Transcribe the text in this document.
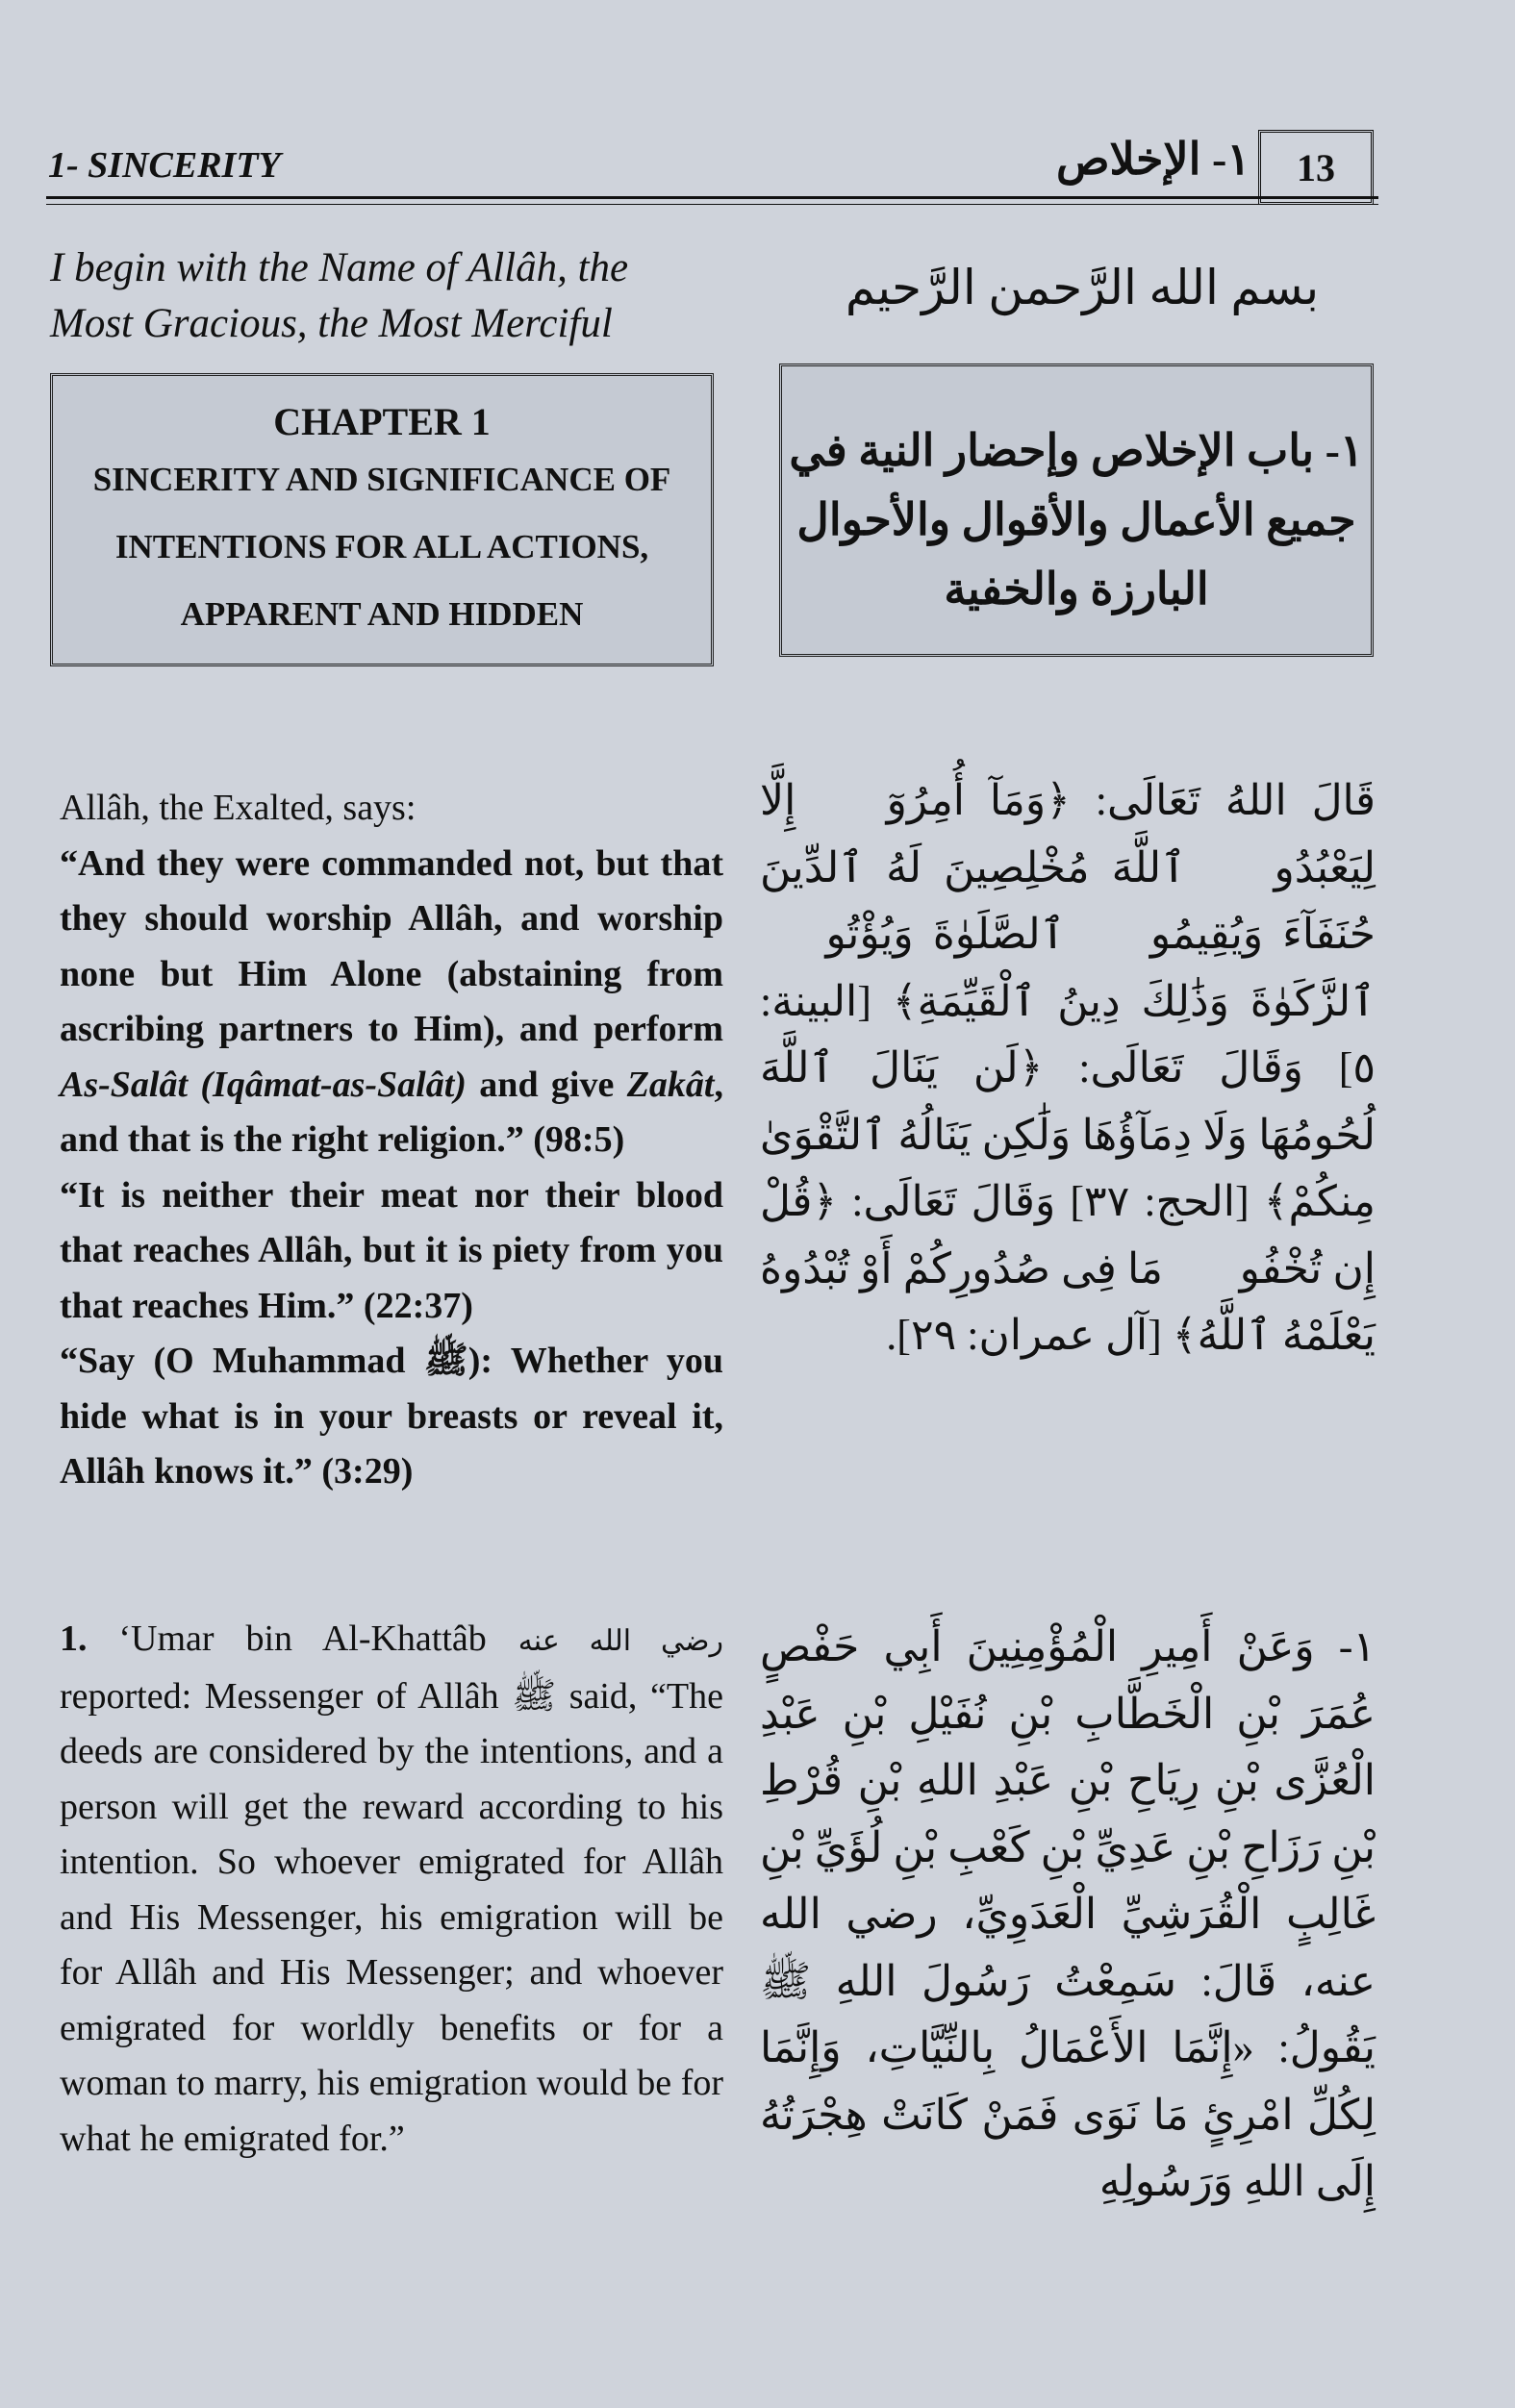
1- SINCERITY	١- الإخلاص	13
I begin with the Name of Allâh, the
Most Gracious, the Most Merciful
بسم الله الرَّحمن الرَّحيم
CHAPTER 1
SINCERITY AND SIGNIFICANCE OF
INTENTIONS FOR ALL ACTIONS,
APPARENT AND HIDDEN
١- باب الإخلاص وإحضار النية في
جميع الأعمال والأقوال والأحوال
البارزة والخفية

Allâh, the Exalted, says:

“And they were commanded not, but that they should worship Allâh, and worship none but Him Alone (abstaining from ascribing partners to Him), and perform As-Salât (Iqâmat-as-Salât) and give Zakât, and that is the right religion.” (98:5)

“It is neither their meat nor their blood that reaches Allâh, but it is piety from you that reaches Him.” (22:37)

“Say (O Muhammad ﷺ): Whether you hide what is in your breasts or reveal it, Allâh knows it.” (3:29)

1. ‘Umar bin Al-Khattâb رضي الله عنه reported: Messenger of Allâh ﷺ said, “The deeds are considered by the intentions, and a person will get the reward according to his intention. So whoever emigrated for Allâh and His Messenger, his emigration will be for Allâh and His Messenger; and whoever emigrated for worldly benefits or for a woman to marry, his emigration would be for what he emigrated for.”

قَالَ اللهُ تَعَالَى: ﴿وَمَآ أُمِرُوٓا۟ إِلَّا لِيَعْبُدُوا۟ ٱللَّهَ مُخْلِصِينَ لَهُ ٱلدِّينَ حُنَفَآءَ وَيُقِيمُوا۟ ٱلصَّلَوٰةَ وَيُؤْتُوا۟ ٱلزَّكَوٰةَ وَذَٰلِكَ دِينُ ٱلْقَيِّمَةِ﴾ [البينة: ٥] وَقَالَ تَعَالَى: ﴿لَن يَنَالَ ٱللَّهَ لُحُومُهَا وَلَا دِمَآؤُهَا وَلَٰكِن يَنَالُهُ ٱلتَّقْوَىٰ مِنكُمْ﴾ [الحج: ٣٧] وَقَالَ تَعَالَى: ﴿قُلْ إِن تُخْفُوا۟ مَا فِى صُدُورِكُمْ أَوْ تُبْدُوهُ يَعْلَمْهُ ٱللَّهُ﴾ [آل عمران: ٢٩].
١- وَعَنْ أَمِيرِ الْمُؤْمِنِينَ أَبِي حَفْصٍ عُمَرَ بْنِ الْخَطَّابِ بْنِ نُفَيْلِ بْنِ عَبْدِ الْعُزَّى بْنِ رِيَاحِ بْنِ عَبْدِ اللهِ بْنِ قُرْطِ بْنِ رَزَاحِ بْنِ عَدِيِّ بْنِ كَعْبِ بْنِ لُؤَيِّ بْنِ غَالِبٍ الْقُرَشِيِّ الْعَدَوِيِّ، رضي الله عنه، قَالَ: سَمِعْتُ رَسُولَ اللهِ ﷺ يَقُولُ: «إِنَّمَا الأَعْمَالُ بِالنِّيَّاتِ، وَإِنَّمَا لِكُلِّ امْرِئٍ مَا نَوَى فَمَنْ كَانَتْ هِجْرَتُهُ إِلَى اللهِ وَرَسُولِهِ
